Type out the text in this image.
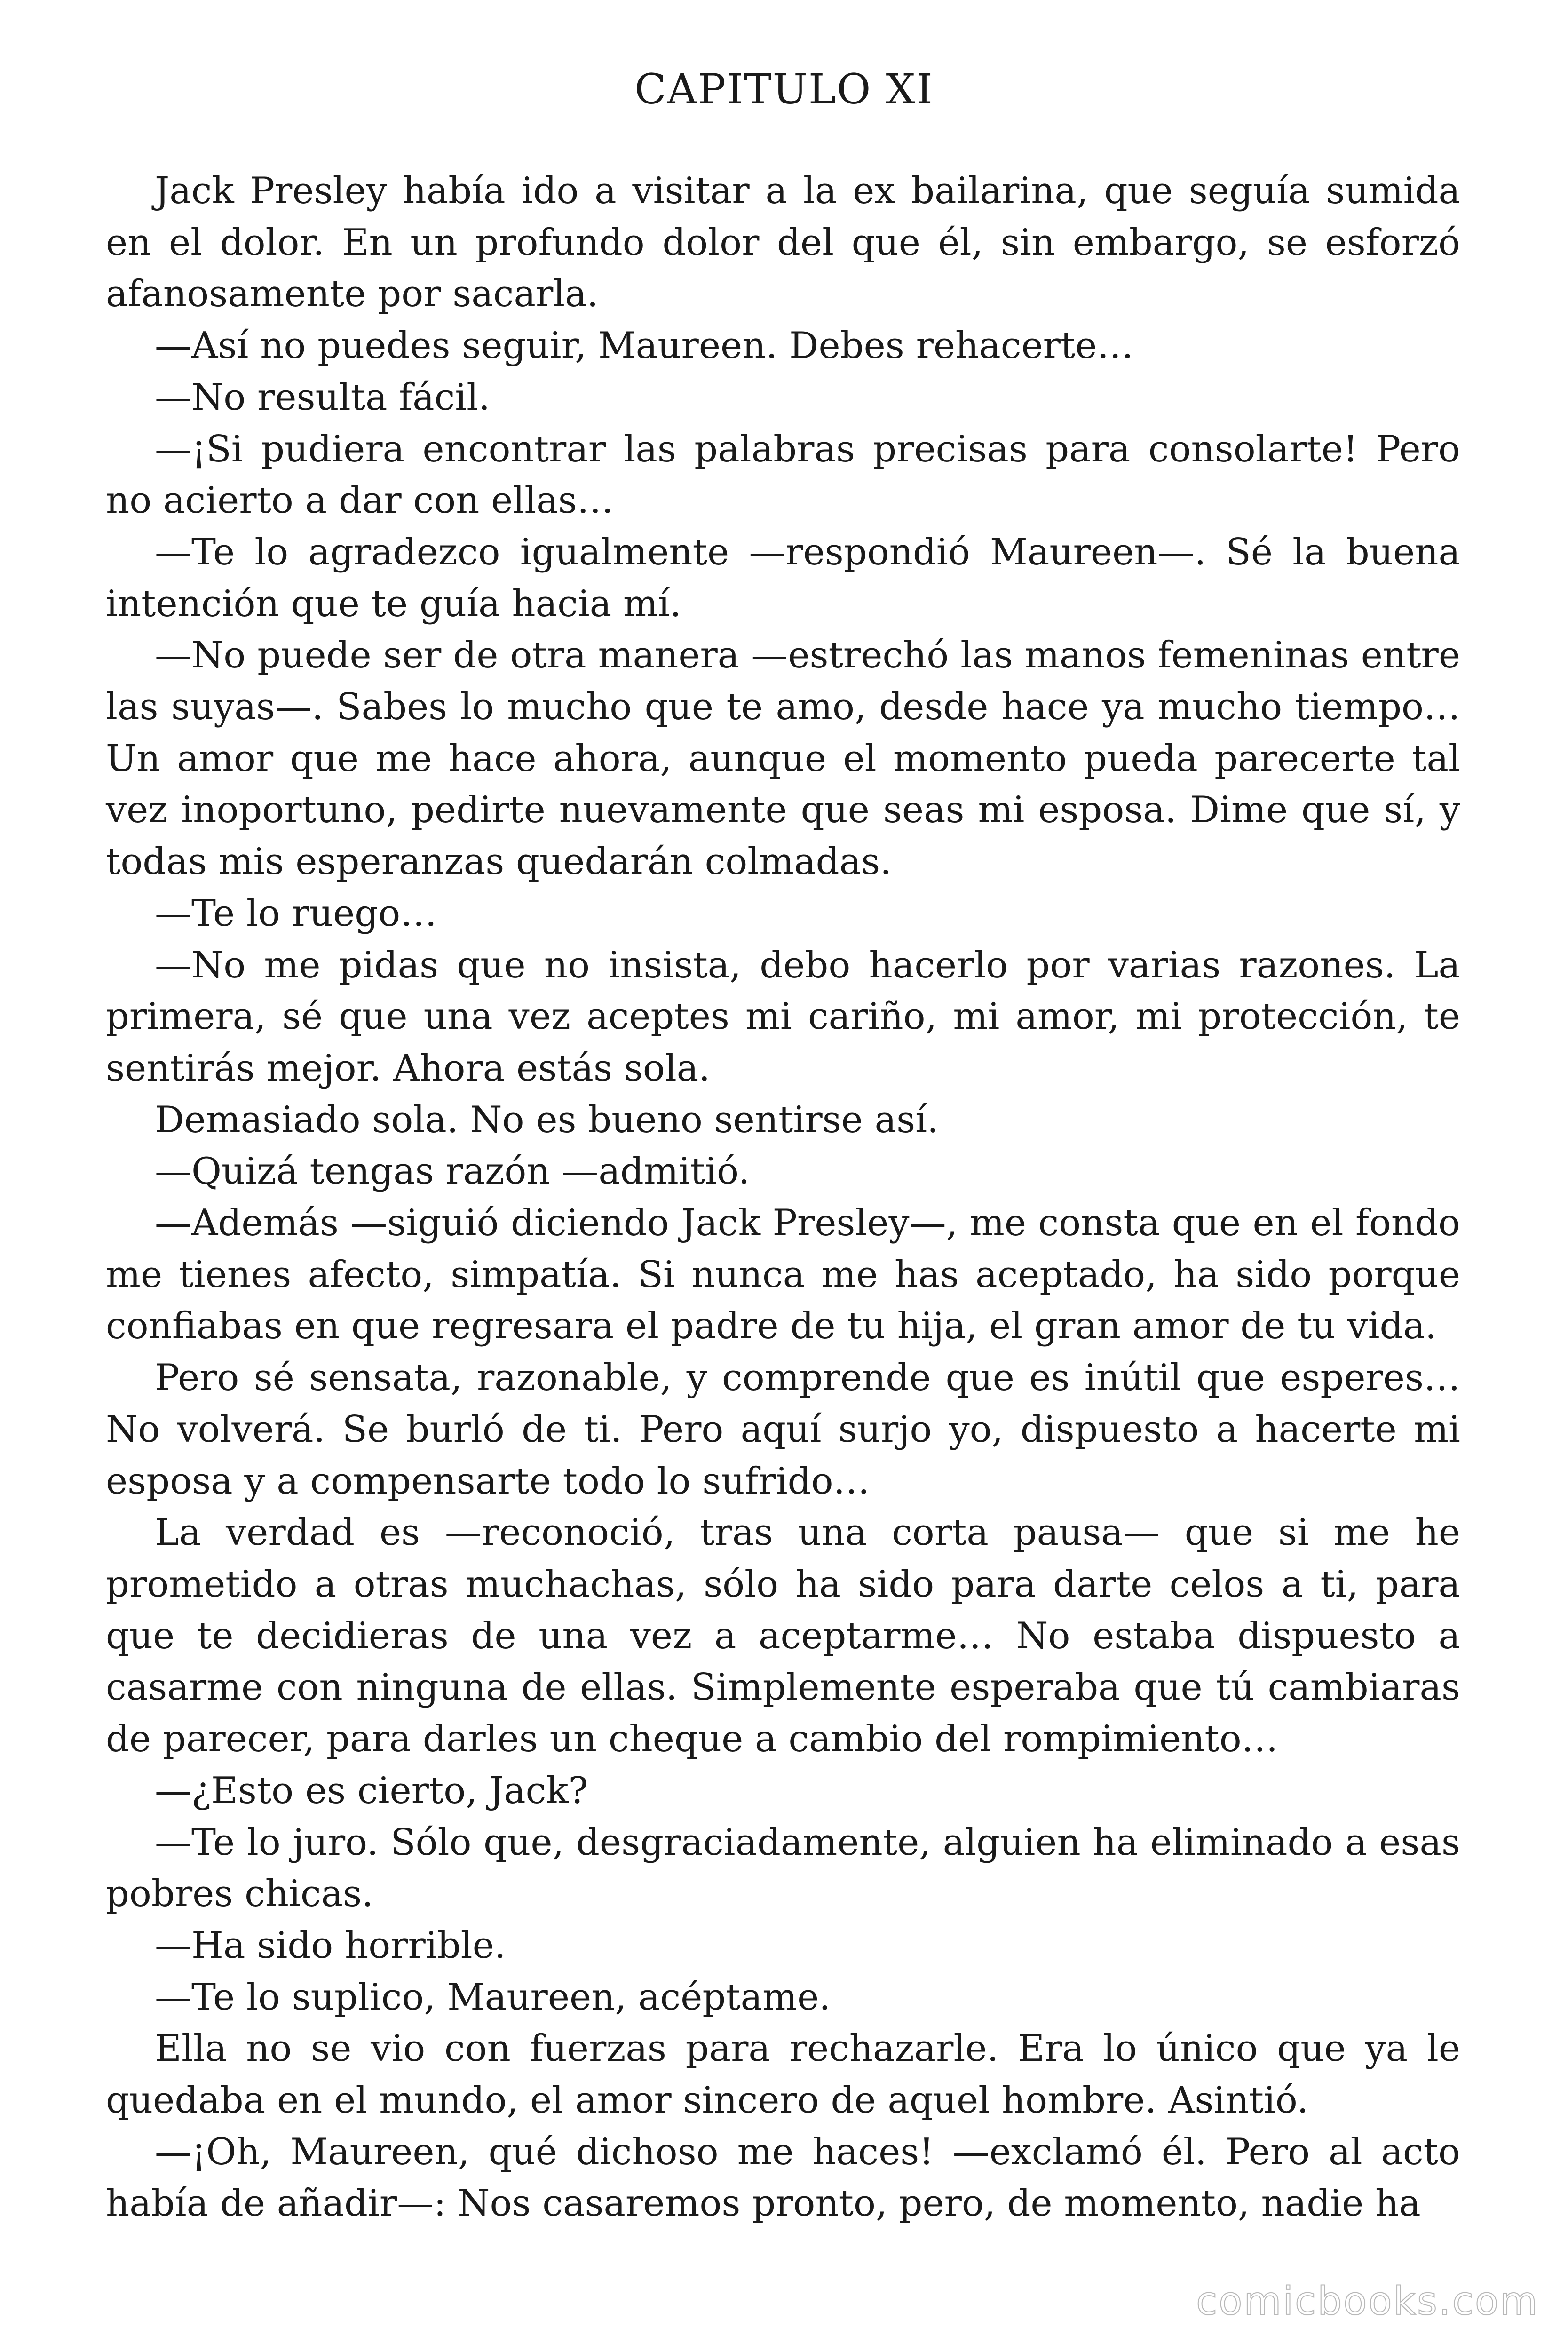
CAPITULO XI

Jack Presley había ido a visitar a la ex bailarina, que seguía sumida en el dolor. En un profundo dolor del que él, sin embargo, se esforzó afanosamente por sacarla.

—Así no puedes seguir, Maureen. Debes rehacerte…

—No resulta fácil.

—¡Si pudiera encontrar las palabras precisas para consolarte! Pero no acierto a dar con ellas…

—Te lo agradezco igualmente —respondió Maureen—. Sé la buena intención que te guía hacia mí.

—No puede ser de otra manera —estrechó las manos femeninas entre las suyas—. Sabes lo mucho que te amo, desde hace ya mucho tiempo… Un amor que me hace ahora, aunque el momento pueda parecerte tal vez inoportuno, pedirte nuevamente que seas mi esposa. Dime que sí, y todas mis esperanzas quedarán colmadas.

—Te lo ruego…

—No me pidas que no insista, debo hacerlo por varias razones. La primera, sé que una vez aceptes mi cariño, mi amor, mi protección, te sentirás mejor. Ahora estás sola.

Demasiado sola. No es bueno sentirse así.

—Quizá tengas razón —admitió.

—Además —siguió diciendo Jack Presley—, me consta que en el fondo me tienes afecto, simpatía. Si nunca me has aceptado, ha sido porque confiabas en que regresara el padre de tu hija, el gran amor de tu vida.

Pero sé sensata, razonable, y comprende que es inútil que esperes… No volverá. Se burló de ti. Pero aquí surjo yo, dispuesto a hacerte mi esposa y a compensarte todo lo sufrido…

La verdad es —reconoció, tras una corta pausa— que si me he prometido a otras muchachas, sólo ha sido para darte celos a ti, para que te decidieras de una vez a aceptarme… No estaba dispuesto a casarme con ninguna de ellas. Simplemente esperaba que tú cambiaras de parecer, para darles un cheque a cambio del rompimiento…

—¿Esto es cierto, Jack?

—Te lo juro. Sólo que, desgraciadamente, alguien ha eliminado a esas pobres chicas.

—Ha sido horrible.

—Te lo suplico, Maureen, acéptame.

Ella no se vio con fuerzas para rechazarle. Era lo único que ya le quedaba en el mundo, el amor sincero de aquel hombre. Asintió.

—¡Oh, Maureen, qué dichoso me haces! —exclamó él. Pero al acto había de añadir—: Nos casaremos pronto, pero, de momento, nadie ha

comicbooks.com
